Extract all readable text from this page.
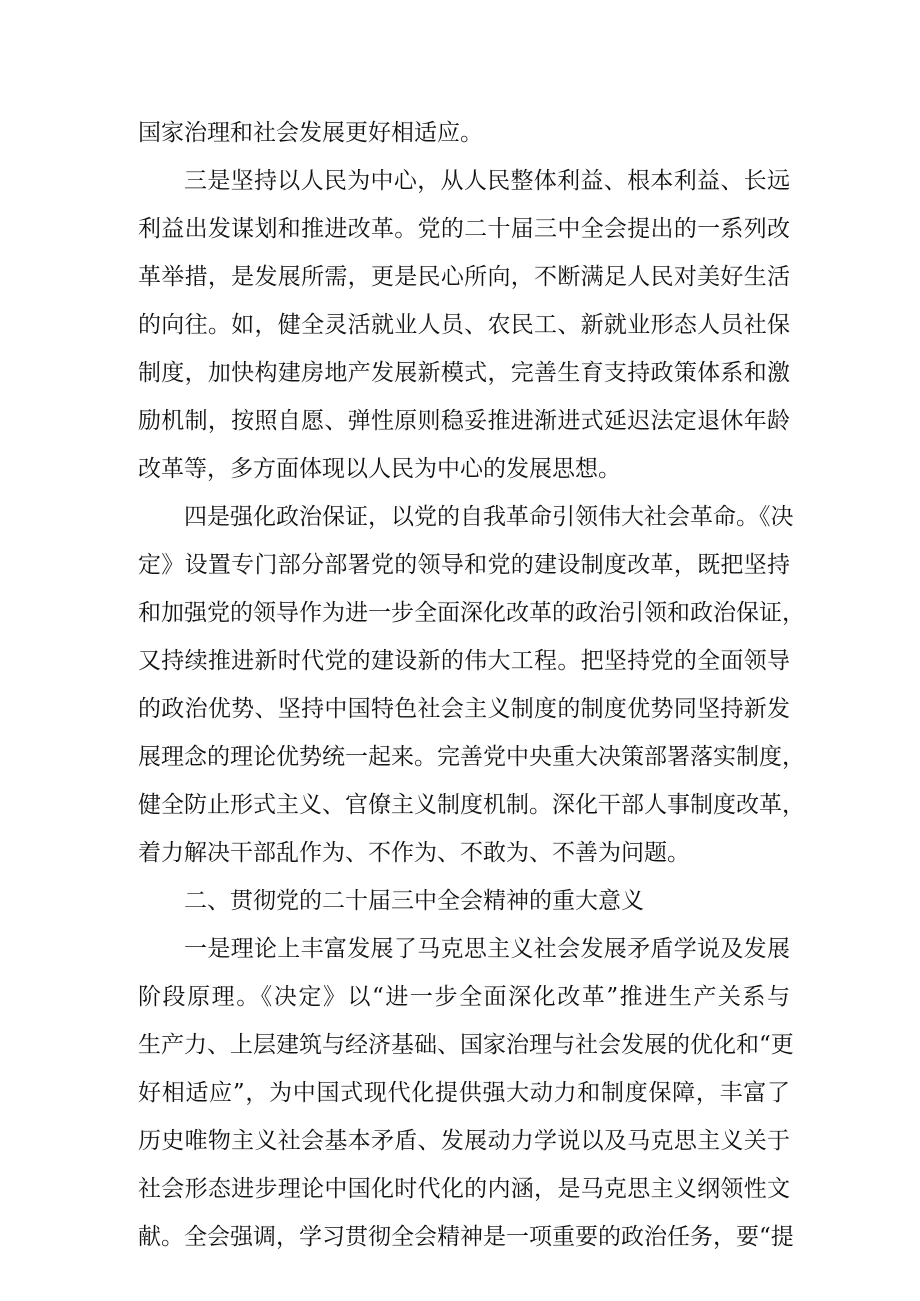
国家治理和社会发展更好相适应。
三是坚持以人民为中心，从人民整体利益、根本利益、长远
利益出发谋划和推进改革。党的二十届三中全会提出的一系列改
革举措，是发展所需，更是民心所向，不断满足人民对美好生活
的向往。如，健全灵活就业人员、农民工、新就业形态人员社保
制度，加快构建房地产发展新模式，完善生育支持政策体系和激
励机制，按照自愿、弹性原则稳妥推进渐进式延迟法定退休年龄
改革等，多方面体现以人民为中心的发展思想。
四是强化政治保证，以党的自我革命引领伟大社会革命。《决
定》设置专门部分部署党的领导和党的建设制度改革，既把坚持
和加强党的领导作为进一步全面深化改革的政治引领和政治保证，
又持续推进新时代党的建设新的伟大工程。把坚持党的全面领导
的政治优势、坚持中国特色社会主义制度的制度优势同坚持新发
展理念的理论优势统一起来。完善党中央重大决策部署落实制度，
健全防止形式主义、官僚主义制度机制。深化干部人事制度改革，
着力解决干部乱作为、不作为、不敢为、不善为问题。
二、贯彻党的二十届三中全会精神的重大意义
一是理论上丰富发展了马克思主义社会发展矛盾学说及发展
阶段原理。《决定》以“进一步全面深化改革”推进生产关系与
生产力、上层建筑与经济基础、国家治理与社会发展的优化和“更
好相适应”，为中国式现代化提供强大动力和制度保障，丰富了
历史唯物主义社会基本矛盾、发展动力学说以及马克思主义关于
社会形态进步理论中国化时代化的内涵，是马克思主义纲领性文
献。全会强调，学习贯彻全会精神是一项重要的政治任务，要“提
